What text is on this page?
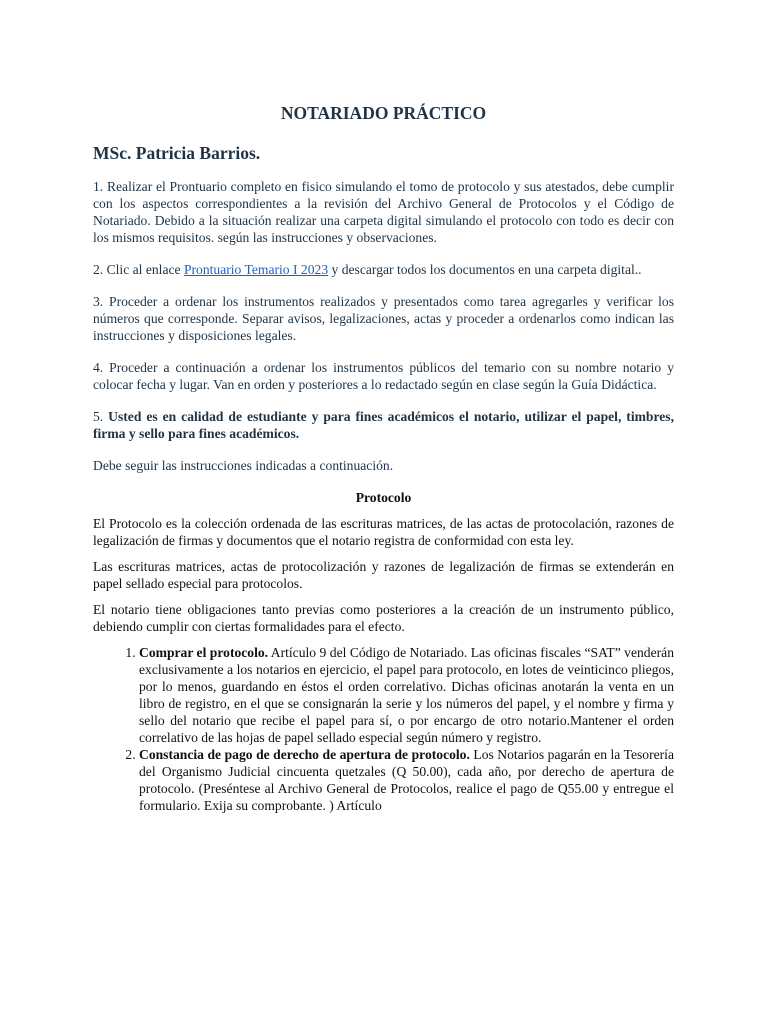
NOTARIADO PRÁCTICO
MSc. Patricia Barrios.

1. Realizar el Prontuario completo en fisico simulando el tomo de protocolo y sus atestados, debe cumplir con los aspectos correspondientes a la revisión del Archivo General de Protocolos y el Código de Notariado. Debido a la situación realizar una carpeta digital simulando el protocolo con todo es decir con los mismos requisitos. según las instrucciones y observaciones.

2. Clic al enlace Prontuario Temario I 2023 y descargar todos los documentos en una carpeta digital..

3. Proceder a ordenar los instrumentos realizados y presentados como tarea agregarles y verificar los números que corresponde. Separar avisos, legalizaciones, actas y proceder a ordenarlos como indican las instrucciones y disposiciones legales.

4. Proceder a continuación a ordenar los instrumentos públicos del temario con su nombre notario y colocar fecha y lugar. Van en orden y posteriores a lo redactado según en clase según la Guía Didáctica.

5. Usted es en calidad de estudiante y para fines académicos el notario, utilizar el papel, timbres, firma y sello para fines académicos.

Debe seguir las instrucciones indicadas a continuación.

Protocolo

El Protocolo es la colección ordenada de las escrituras matrices, de las actas de protocolación, razones de legalización de firmas y documentos que el notario registra de conformidad con esta ley.

Las escrituras matrices, actas de protocolización y razones de legalización de firmas se extenderán en papel sellado especial para protocolos.

El notario tiene obligaciones tanto previas como posteriores a la creación de un instrumento público, debiendo cumplir con ciertas formalidades para el efecto.

1. Comprar el protocolo. Artículo 9 del Código de Notariado. Las oficinas fiscales “SAT” venderán exclusivamente a los notarios en ejercicio, el papel para protocolo, en lotes de veinticinco pliegos, por lo menos, guardando en éstos el orden correlativo. Dichas oficinas anotarán la venta en un libro de registro, en el que se consignarán la serie y los números del papel, y el nombre y firma y sello del notario que recibe el papel para sí, o por encargo de otro notario.Mantener el orden correlativo de las hojas de papel sellado especial según número y registro.
2. Constancia de pago de derecho de apertura de protocolo. Los Notarios pagarán en la Tesorería del Organismo Judicial cincuenta quetzales (Q 50.00), cada año, por derecho de apertura de protocolo. (Preséntese al Archivo General de Protocolos, realice el pago de Q55.00 y entregue el formulario. Exija su comprobante. ) Artículo
